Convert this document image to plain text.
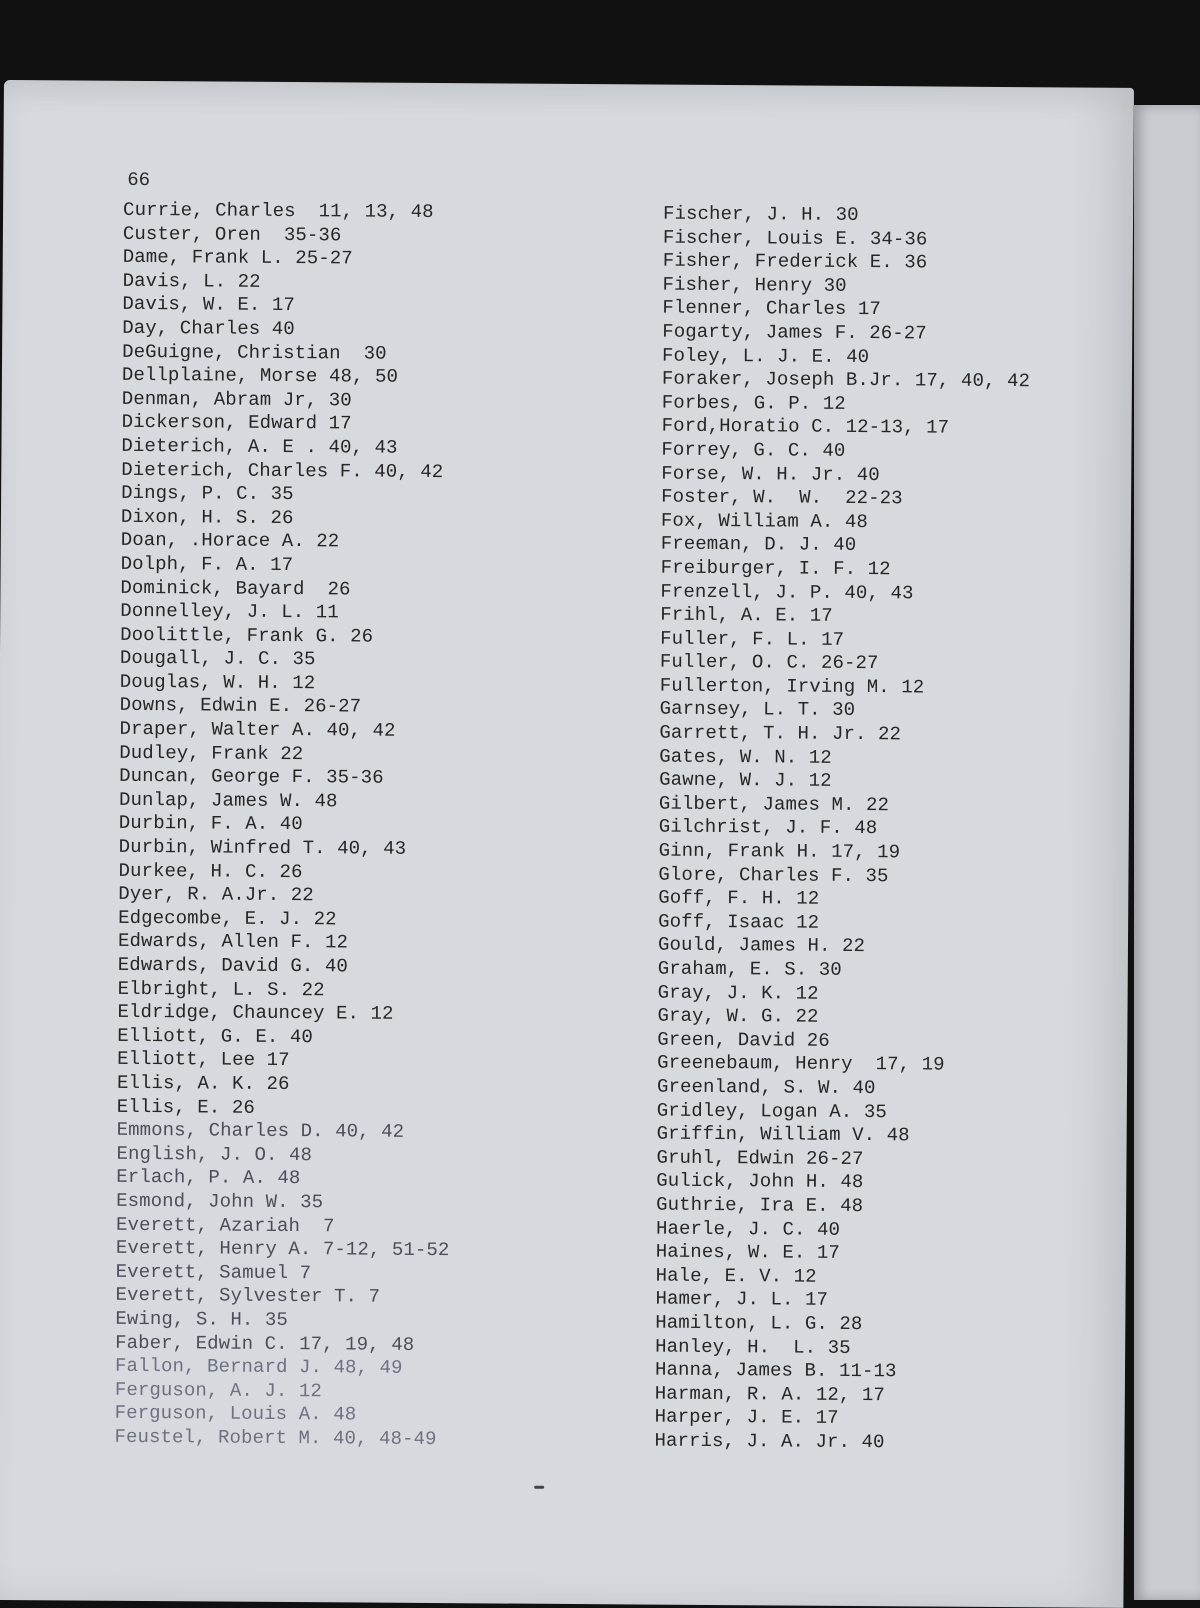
66
Currie, Charles  11, 13, 48
Custer, Oren  35-36
Dame, Frank L. 25-27
Davis, L. 22
Davis, W. E. 17
Day, Charles 40
DeGuigne, Christian  30
Dellplaine, Morse 48, 50
Denman, Abram Jr, 30
Dickerson, Edward 17
Dieterich, A. E . 40, 43
Dieterich, Charles F. 40, 42
Dings, P. C. 35
Dixon, H. S. 26
Doan, .Horace A. 22
Dolph, F. A. 17
Dominick, Bayard  26
Donnelley, J. L. 11
Doolittle, Frank G. 26
Dougall, J. C. 35
Douglas, W. H. 12
Downs, Edwin E. 26-27
Draper, Walter A. 40, 42
Dudley, Frank 22
Duncan, George F. 35-36
Dunlap, James W. 48
Durbin, F. A. 40
Durbin, Winfred T. 40, 43
Durkee, H. C. 26
Dyer, R. A.Jr. 22
Edgecombe, E. J. 22
Edwards, Allen F. 12
Edwards, David G. 40
Elbright, L. S. 22
Eldridge, Chauncey E. 12
Elliott, G. E. 40
Elliott, Lee 17
Ellis, A. K. 26
Ellis, E. 26
Emmons, Charles D. 40, 42
English, J. O. 48
Erlach, P. A. 48
Esmond, John W. 35
Everett, Azariah  7
Everett, Henry A. 7-12, 51-52
Everett, Samuel 7
Everett, Sylvester T. 7
Ewing, S. H. 35
Faber, Edwin C. 17, 19, 48
Fallon, Bernard J. 48, 49
Ferguson, A. J. 12
Ferguson, Louis A. 48
Feustel, Robert M. 40, 48-49
Fischer, J. H. 30
Fischer, Louis E. 34-36
Fisher, Frederick E. 36
Fisher, Henry 30
Flenner, Charles 17
Fogarty, James F. 26-27
Foley, L. J. E. 40
Foraker, Joseph B.Jr. 17, 40, 42
Forbes, G. P. 12
Ford,Horatio C. 12-13, 17
Forrey, G. C. 40
Forse, W. H. Jr. 40
Foster, W.  W.  22-23
Fox, William A. 48
Freeman, D. J. 40
Freiburger, I. F. 12
Frenzell, J. P. 40, 43
Frihl, A. E. 17
Fuller, F. L. 17
Fuller, O. C. 26-27
Fullerton, Irving M. 12
Garnsey, L. T. 30
Garrett, T. H. Jr. 22
Gates, W. N. 12
Gawne, W. J. 12
Gilbert, James M. 22
Gilchrist, J. F. 48
Ginn, Frank H. 17, 19
Glore, Charles F. 35
Goff, F. H. 12
Goff, Isaac 12
Gould, James H. 22
Graham, E. S. 30
Gray, J. K. 12
Gray, W. G. 22
Green, David 26
Greenebaum, Henry  17, 19
Greenland, S. W. 40
Gridley, Logan A. 35
Griffin, William V. 48
Gruhl, Edwin 26-27
Gulick, John H. 48
Guthrie, Ira E. 48
Haerle, J. C. 40
Haines, W. E. 17
Hale, E. V. 12
Hamer, J. L. 17
Hamilton, L. G. 28
Hanley, H.  L. 35
Hanna, James B. 11-13
Harman, R. A. 12, 17
Harper, J. E. 17
Harris, J. A. Jr. 40
